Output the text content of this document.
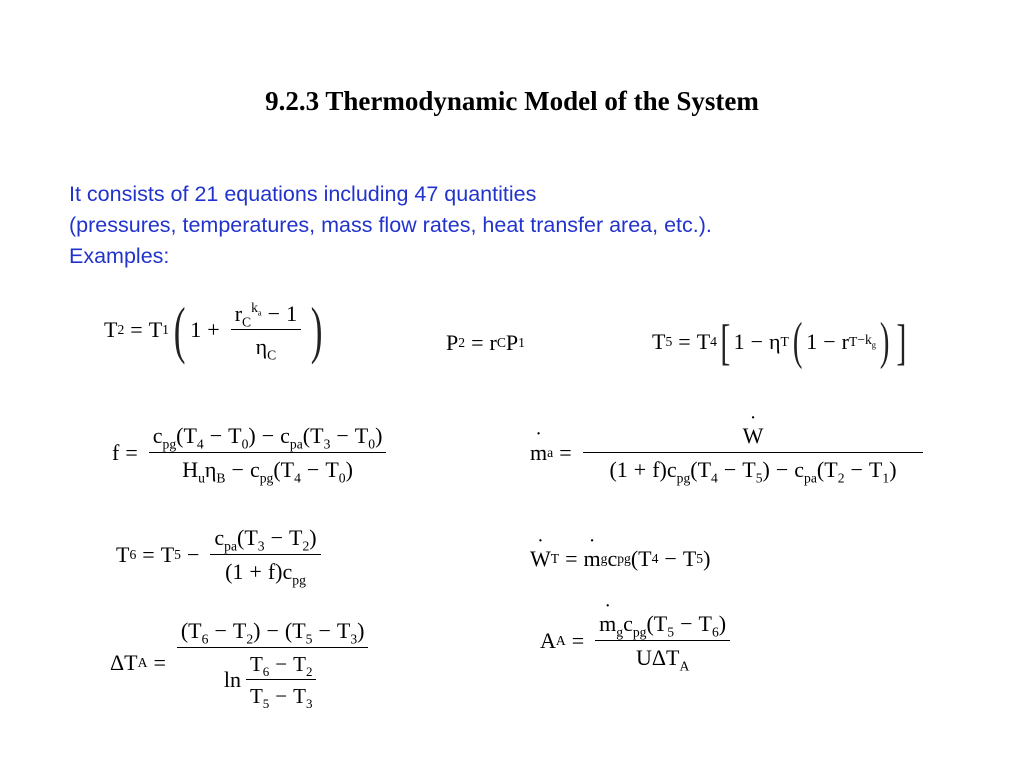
9.2.3 Thermodynamic Model of the System
It consists of 21 equations including 47 quantities
(pressures, temperatures, mass flow rates, heat transfer area, etc.).
Examples:
T 2 = T 1 ( $1 + \frac{r_C^{k_a} - 1}{\eta_C}$ )	P 2 = r C P 1	T 5 = T 4 [ 1 − η T ( 1 − r $T -k_g$ ) ]
$f = \frac{c_{pg}(T_4 - T_0) - c_{pa}(T_3 - T_0)}{H_u\eta_B - c_{pg}(T_4 - T_0)}$	˙ m a = ˙ $\frac{W}{(1 + f)c_{pg}(T_4 - T_5) - c_{pa}(T_2 - T_1)}$
T 6 = T $5 - \frac{c_{pa}(T_3 - T_2)}{(1 + f)c_{pg}}$	˙ W T = ˙ m g c pg (T 4 − T 5 )
ΔT $A = \frac{(T_6 - T_2) - (T_5 - T_3)}{\ln \frac{T_6 - T_2}{T_5 - T_3}}$	A A = ˙ $\frac{m_gc_{pg}(T_5 - T_6)}{U\Delta T_A}$
